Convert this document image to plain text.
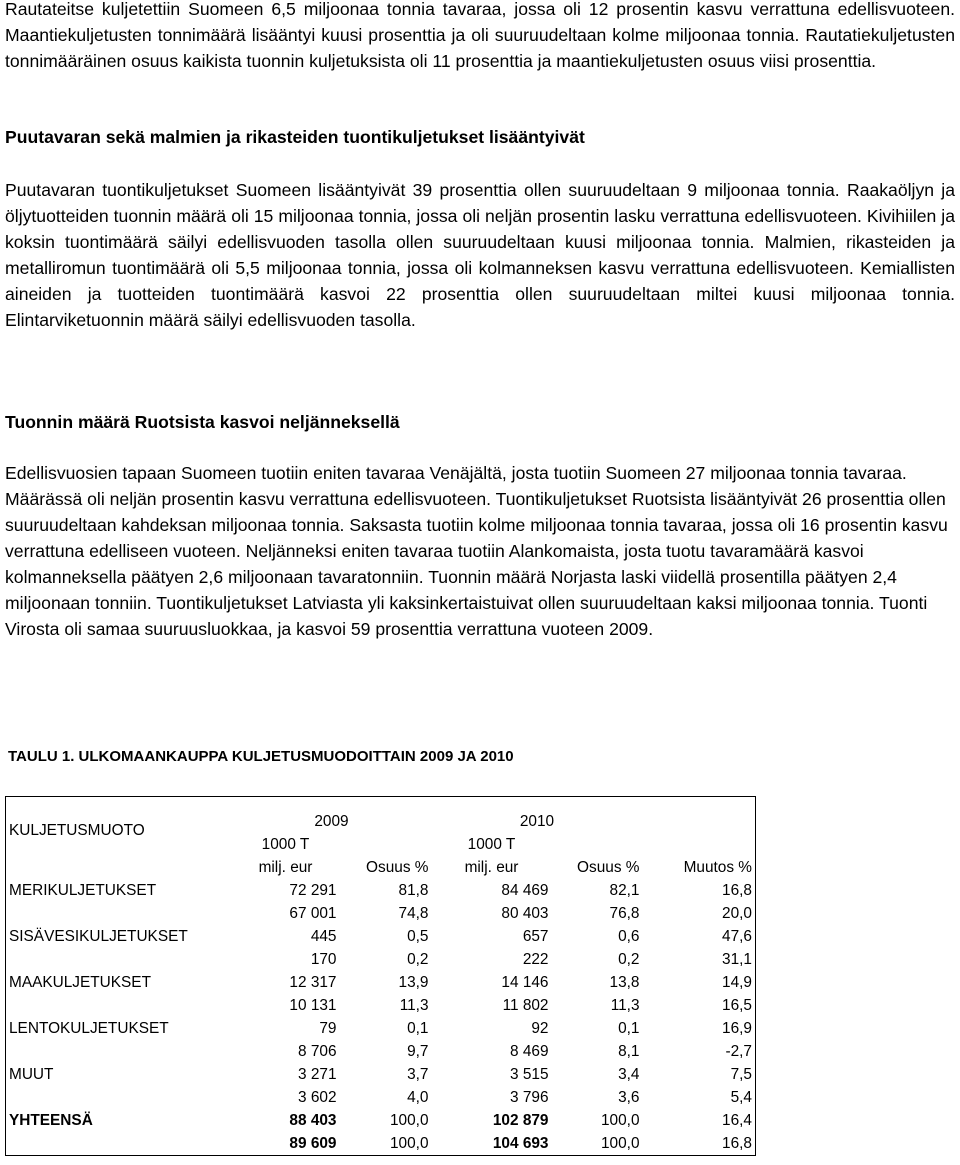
Rautateitse kuljetettiin Suomeen 6,5 miljoonaa tonnia tavaraa, jossa oli 12 prosentin kasvu verrattuna edellisvuoteen.Maantiekuljetusten tonnimäärä lisääntyi kuusi prosenttia ja oli suuruudeltaan kolme miljoonaa tonnia. Rautatiekuljetusten tonnimääräinen osuus kaikista tuonnin kuljetuksista oli 11 prosenttia ja maantiekuljetusten osuus viisi prosenttia.

Puutavaran sekä malmien ja rikasteiden tuontikuljetukset lisääntyivät

Puutavaran tuontikuljetukset Suomeen lisääntyivät 39 prosenttia ollen suuruudeltaan 9 miljoonaa tonnia. Raakaöljyn ja öljytuotteiden tuonnin määrä oli 15 miljoonaa tonnia, jossa oli neljän prosentin lasku verrattuna edellisvuoteen. Kivihiilen ja koksin tuontimäärä säilyi edellisvuoden tasolla ollen suuruudeltaan kuusi miljoonaa tonnia. Malmien, rikasteiden ja metalliromun tuontimäärä oli 5,5 miljoonaa tonnia, jossa oli kolmanneksen kasvu verrattuna edellisvuoteen. Kemiallisten aineiden ja tuotteiden tuontimäärä kasvoi 22 prosenttia ollen suuruudeltaan miltei kuusi miljoonaa tonnia.Elintarviketuonnin määrä säilyi edellisvuoden tasolla.

Tuonnin määrä Ruotsista kasvoi neljänneksellä

Edellisvuosien tapaan Suomeen tuotiin eniten tavaraa Venäjältä, josta tuotiin Suomeen 27 miljoonaa tonnia tavaraa.Määrässä oli neljän prosentin kasvu verrattuna edellisvuoteen. Tuontikuljetukset Ruotsista lisääntyivät 26 prosenttia ollen suuruudeltaan kahdeksan miljoonaa tonnia. Saksasta tuotiin kolme miljoonaa tonnia tavaraa, jossa oli 16 prosentin kasvu verrattuna edelliseen vuoteen. Neljänneksi eniten tavaraa tuotiin Alankomaista, josta tuotu tavaramäärä kasvoi kolmanneksella päätyen 2,6 miljoonaan tavaratonniin. Tuonnin määrä Norjasta laski viidellä prosentilla päätyen 2,4 miljoonaan tonniin. Tuontikuljetukset Latviasta yli kaksinkertaistuivat ollen suuruudeltaan kaksi miljoonaa tonnia. Tuonti Virosta oli samaa suuruusluokkaa, ja kasvoi 59 prosenttia verrattuna vuoteen 2009.

TAULU 1. ULKOMAANKAUPPA KULJETUSMUODOITTAIN 2009 JA 2010

	2009		2010		
KULJETUSMUOTO	1000 T		1000 T		
	milj. eur	Osuus %	milj. eur	Osuus %	Muutos %
MERIKULJETUKSET	72 291	81,8	84 469	82,1	16,8
	67 001	74,8	80 403	76,8	20,0
SISÄVESIKULJETUKSET	445	0,5	657	0,6	47,6
	170	0,2	222	0,2	31,1
MAAKULJETUKSET	12 317	13,9	14 146	13,8	14,9
	10 131	11,3	11 802	11,3	16,5
LENTOKULJETUKSET	79	0,1	92	0,1	16,9
	8 706	9,7	8 469	8,1	-2,7
MUUT	3 271	3,7	3 515	3,4	7,5
	3 602	4,0	3 796	3,6	5,4
YHTEENSÄ	88 403	100,0	102 879	100,0	16,4
	89 609	100,0	104 693	100,0	16,8
